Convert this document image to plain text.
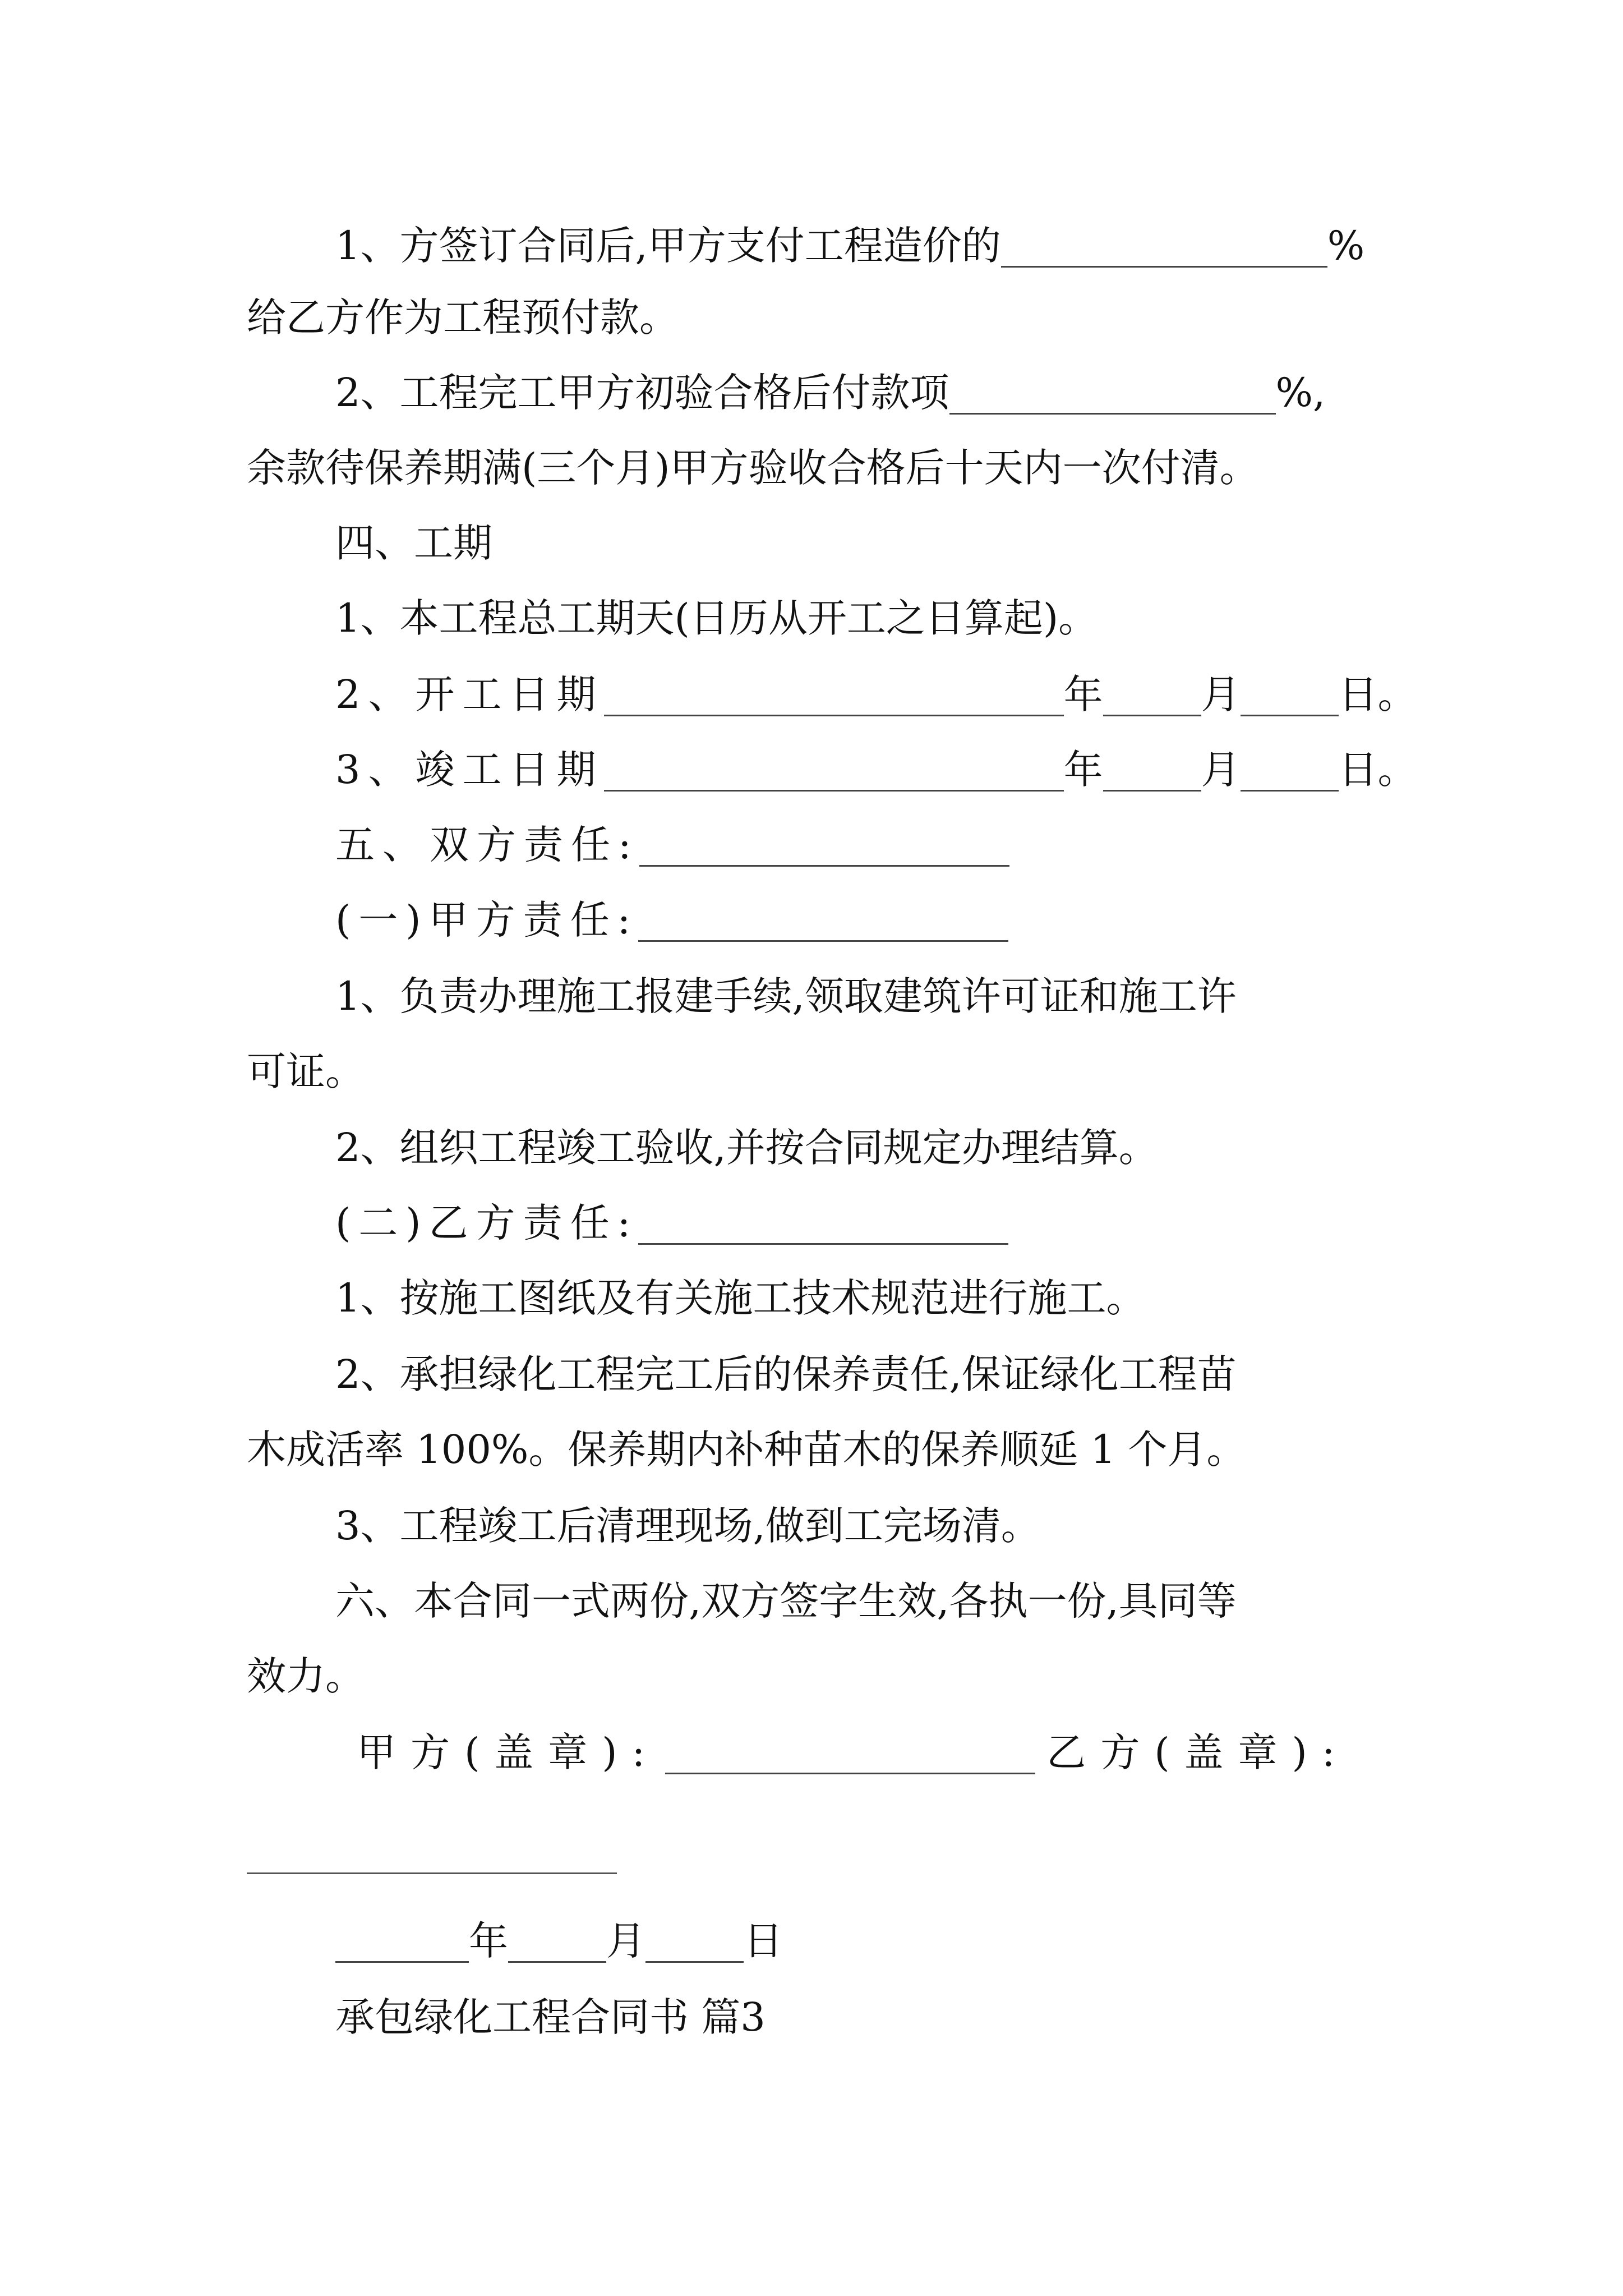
1、方签订合同后,甲方支付工程造价的	%
给乙方作为工程预付款。
2、工程完工甲方初验合格后付款项	%,
余款待保养期满(三个月)甲方验收合格后十天内一次付清。
四、工期
1、本工程总工期天(日历从开工之日算起)。
2、开工日期	年	月	日。
3、竣工日期	年	月	日。
五、双方责任:
(一)甲方责任:
1、负责办理施工报建手续,领取建筑许可证和施工许
可证。
2、组织工程竣工验收,并按合同规定办理结算。
(二)乙方责任:
1、按施工图纸及有关施工技术规范进行施工。
2、承担绿化工程完工后的保养责任,保证绿化工程苗
木成活率 100%。保养期内补种苗木的保养顺延 1 个月。
3、工程竣工后清理现场,做到工完场清。
六、本合同一式两份,双方签字生效,各执一份,具同等
效力。
甲方(盖章):	乙方(盖章):
年	月	日
承包绿化工程合同书 篇3
